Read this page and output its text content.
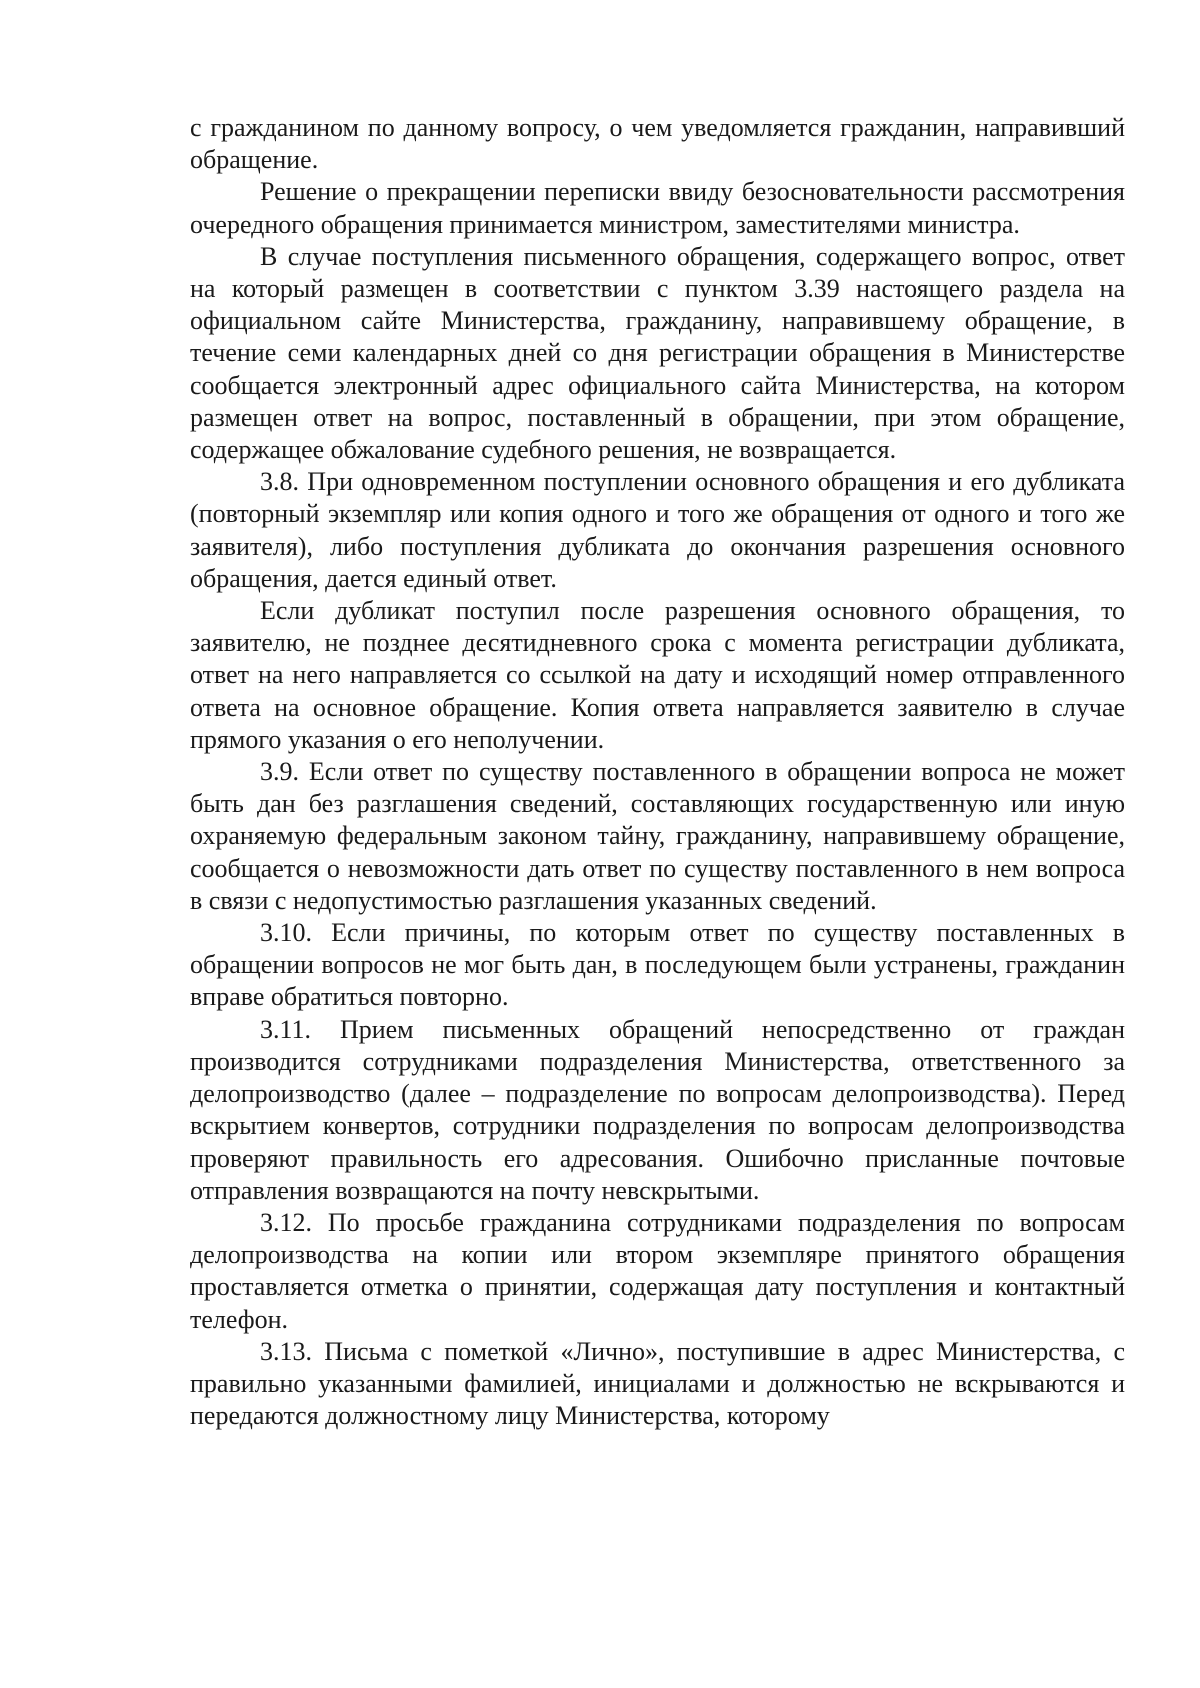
с гражданином по данному вопросу, о чем уведомляется гражданин, направивший обращение.

Решение о прекращении переписки ввиду безосновательности рассмотрения очередного обращения принимается министром, заместителями министра.

В случае поступления письменного обращения, содержащего вопрос, ответ на который размещен в соответствии с пунктом 3.39 настоящего раздела на официальном сайте Министерства, гражданину, направившему обращение, в течение семи календарных дней со дня регистрации обращения в Министерстве сообщается электронный адрес официального сайта Министерства, на котором размещен ответ на вопрос, поставленный в обращении, при этом обращение, содержащее обжалование судебного решения, не возвращается.

3.8. При одновременном поступлении основного обращения и его дубликата (повторный экземпляр или копия одного и того же обращения от одного и того же заявителя), либо поступления дубликата до окончания разрешения основного обращения, дается единый ответ.

Если дубликат поступил после разрешения основного обращения, то заявителю, не позднее десятидневного срока с момента регистрации дубликата, ответ на него направляется со ссылкой на дату и исходящий номер отправленного ответа на основное обращение. Копия ответа направляется заявителю в случае прямого указания о его неполучении.

3.9. Если ответ по существу поставленного в обращении вопроса не может быть дан без разглашения сведений, составляющих государственную или иную охраняемую федеральным законом тайну, гражданину, направившему обращение, сообщается о невозможности дать ответ по существу поставленного в нем вопроса в связи с недопустимостью разглашения указанных сведений.

3.10. Если причины, по которым ответ по существу поставленных в обращении вопросов не мог быть дан, в последующем были устранены, гражданин вправе обратиться повторно.

3.11. Прием письменных обращений непосредственно от граждан производится сотрудниками подразделения Министерства, ответственного за делопроизводство (далее – подразделение по вопросам делопроизводства). Перед вскрытием конвертов, сотрудники подразделения по вопросам делопроизводства проверяют правильность его адресования. Ошибочно присланные почтовые отправления возвращаются на почту невскрытыми.

3.12. По просьбе гражданина сотрудниками подразделения по вопросам делопроизводства на копии или втором экземпляре принятого обращения проставляется отметка о принятии, содержащая дату поступления и контактный телефон.

3.13. Письма с пометкой «Лично», поступившие в адрес Министерства, с правильно указанными фамилией, инициалами и должностью не вскрываются и передаются должностному лицу Министерства, которому
